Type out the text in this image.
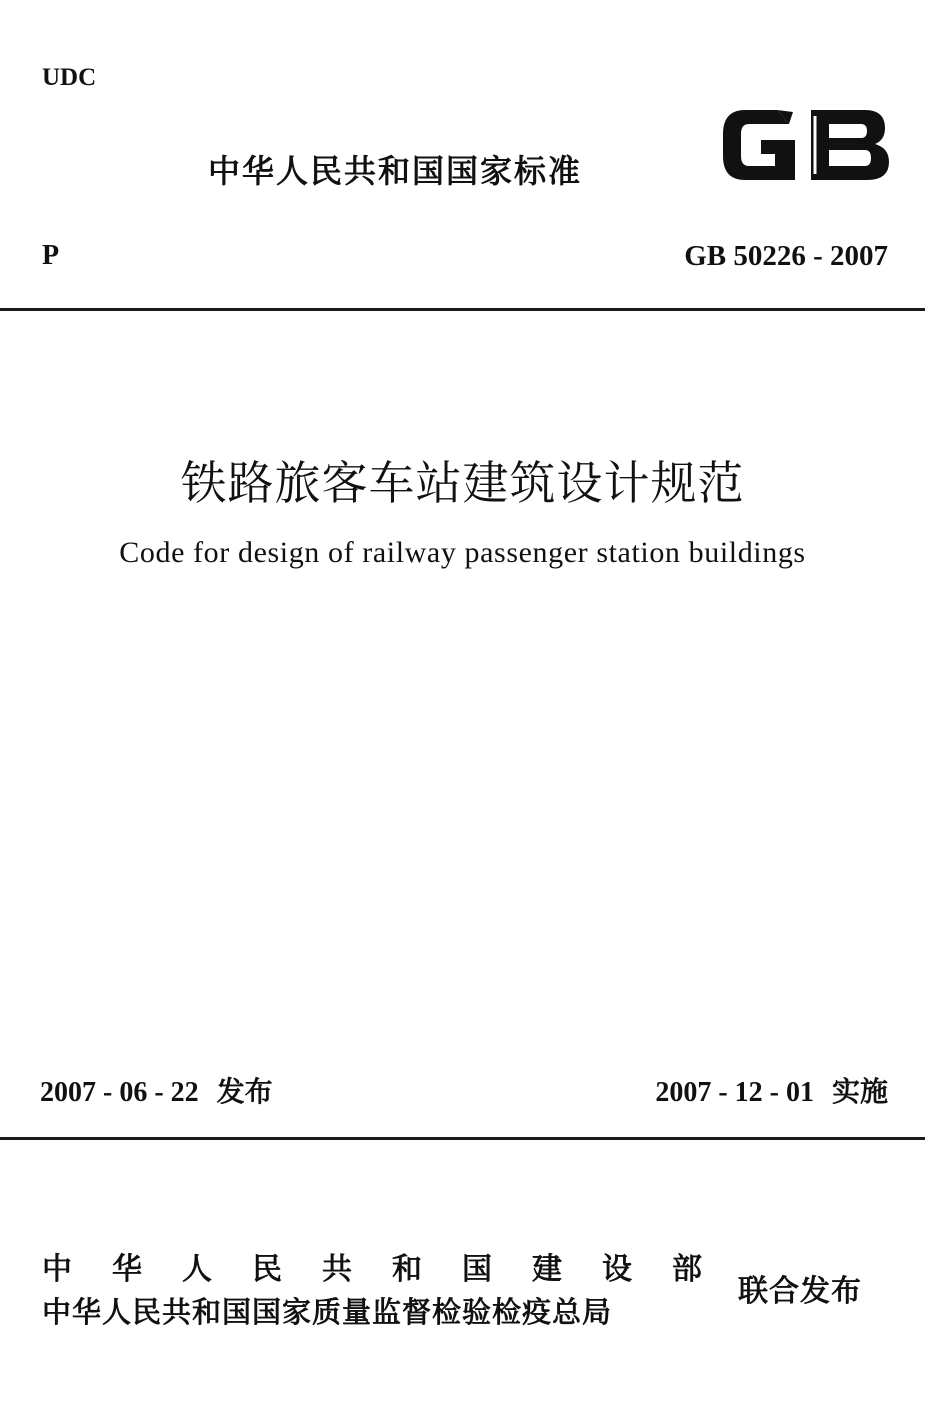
UDC
中华人民共和国国家标准
P	GB 50226 - 2007
铁路旅客车站建筑设计规范
Code for design of railway passenger station buildings
2007 - 06 - 22 发布	2007 - 12 - 01 实施
中 华 人 民 共 和 国 建 设 部
中华人民共和国国家质量监督检验检疫总局
联合发布
